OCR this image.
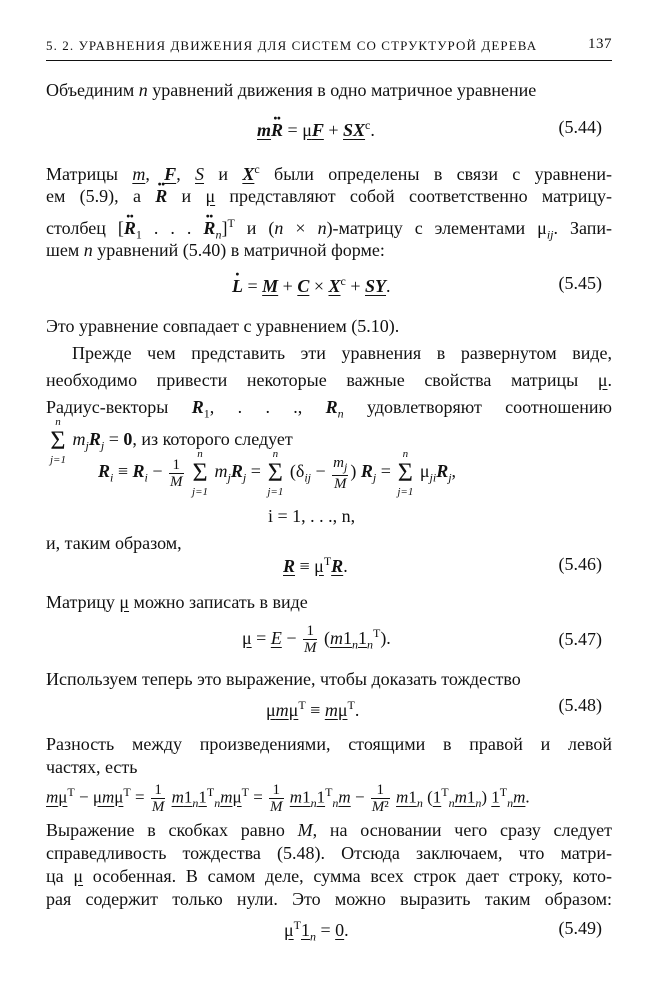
5. 2. УРАВНЕНИЯ ДВИЖЕНИЯ ДЛЯ СИСТЕМ СО СТРУКТУРОЙ ДЕРЕВА	137
Объединим n уравнений движения в одно матричное уравнение
$m\cdot\cdot R = \mu F + SX^c$.	(5.44)
Матрицы m, F, S и $X^c$ были определены в связи с уравнени-
ем (5.9), а ·· R и μ представляют собой соответственно матрицу-
столбец [·· $R_1$ . . . ·· $R_n]^T$ и (n × n)-матрицу с элементами $\mu_{ij}$. Запи-
шем n уравнений (5.40) в матричной форме:
· $L = M + C \times X^c$ + SY.	(5.45)
Это уравнение совпадает с уравнением (5.10).
Прежде чем представить эти уравнения в развернутом виде,
необходимо привести некоторые важные свойства матрицы μ.
Радиус-векторы $R_1$, . . ., $R_n$ удовлетворяют соотношению
n
Σ
j=1
$m_jR_j = 0$, из которого следует
$R_i \equiv R_i - \frac{1}{M}$

n
Σ
j=1
$m_jR_j$ =
n
Σ
j=1
($\delta_{ij} - \frac{m_j}{M}$ ) $R_j$ =
n
Σ
j=1
$\mu_{ji}R_j$,
i = 1, . . ., n,
и, таким образом,
$R \equiv \mu^TR$.	(5.46)
Матрицу μ можно записать в виде
$\mu = E - \frac{1}{M} (m1_n1_n^T)$.	(5.47)
Используем теперь это выражение, чтобы доказать тождество
$\mu m\mu^T \equiv m\mu^T$.	(5.48)
Разность между произведениями, стоящими в правой и левой
частях, есть
$m\mu^T - \mu m\mu^T = \frac{1}{M} m1_n1^T_nm\mu^T = \frac{1}{M} m1_n1^T_nm - \frac{1}{\text{M²}} m1_n$ $(1^T_nm1_n)$ $1^T_nm$.
Выражение в скобках равно M, на основании чего сразу следует
справедливость тождества (5.48). Отсюда заключаем, что матри-
ца μ особенная. В самом деле, сумма всех строк дает строку, кото-
рая содержит только нули. Это можно выразить таким образом:
$\mu^T1_n = 0$.	(5.49)
